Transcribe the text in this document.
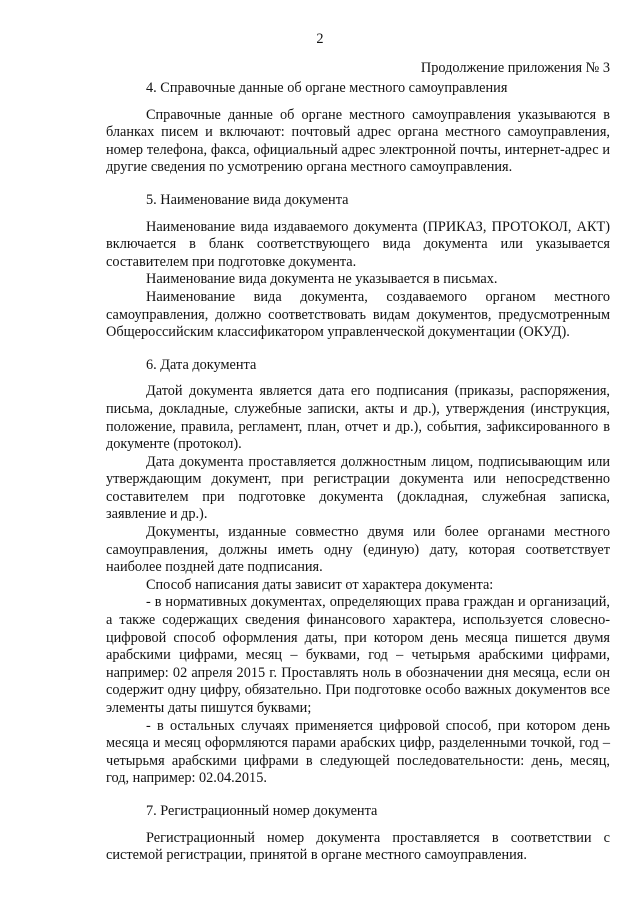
2
Продолжение приложения № 3

4. Справочные данные об органе местного самоуправления

Справочные данные об органе местного самоуправления указываются в бланках писем и включают: почтовый адрес органа местного самоуправления, номер телефона, факса, официальный адрес электронной почты, интернет-адрес и другие сведения по усмотрению органа местного самоуправления.

5. Наименование вида документа

Наименование вида издаваемого документа (ПРИКАЗ, ПРОТОКОЛ, АКТ) включается в бланк соответствующего вида документа или указывается составителем при подготовке документа.

Наименование вида документа не указывается в письмах.

Наименование вида документа, создаваемого органом местного самоуправления, должно соответствовать видам документов, предусмотренным Общероссийским классификатором управленческой документации (ОКУД).

6. Дата документа

Датой документа является дата его подписания (приказы, распоряжения, письма, докладные, служебные записки, акты и др.), утверждения (инструкция, положение, правила, регламент, план, отчет и др.), события, зафиксированного в документе (протокол).

Дата документа проставляется должностным лицом, подписывающим или утверждающим документ, при регистрации документа или непосредственно составителем при подготовке документа (докладная, служебная записка, заявление и др.).

Документы, изданные совместно двумя или более органами местного самоуправления, должны иметь одну (единую) дату, которая соответствует наиболее поздней дате подписания.

Способ написания даты зависит от характера документа:

- в нормативных документах, определяющих права граждан и организаций, а также содержащих сведения финансового характера, используется словесно-цифровой способ оформления даты, при котором день месяца пишется двумя арабскими цифрами, месяц – буквами, год – четырьмя арабскими цифрами, например: 02 апреля 2015 г. Проставлять ноль в обозначении дня месяца, если он содержит одну цифру, обязательно. При подготовке особо важных документов все элементы даты пишутся буквами;

- в остальных случаях применяется цифровой способ, при котором день месяца и месяц оформляются парами арабских цифр, разделенными точкой, год – четырьмя арабскими цифрами в следующей последовательности: день, месяц, год, например: 02.04.2015.

7. Регистрационный номер документа

Регистрационный номер документа проставляется в соответствии с системой регистрации, принятой в органе местного самоуправления.
